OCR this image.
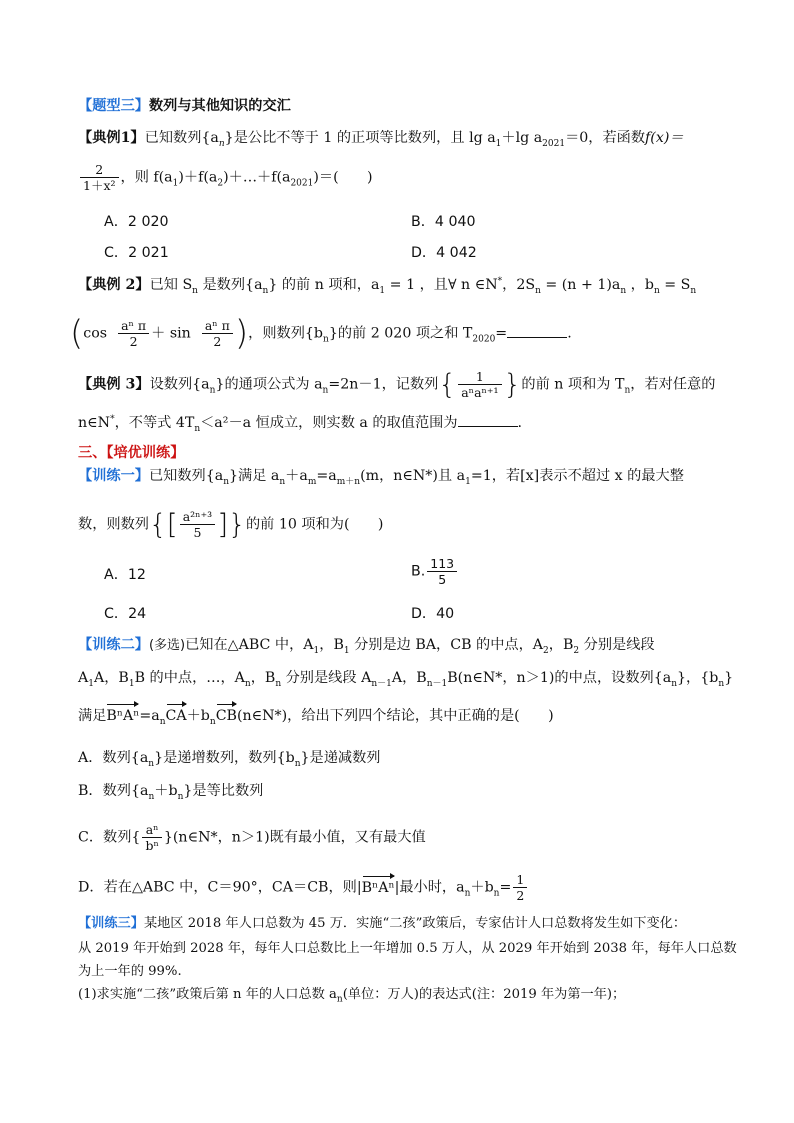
【题型三】数列与其他知识的交汇
【典例1】已知数列$\{a_n\}$是公比不等于 1 的正项等比数列，且 $\lg a_1+\lg$ $a_{2021}=0$，若函数f(x)＝
$\frac{2}{\text{1＋x²}}$ ，则 $f(a_1)+f(a_2)+\dots+f(a_{2021})=$(　　)
A．2 020	B．4 040
C．2 021	D．4 042
【典例 2】已知 $S_n$ 是数列$\{a_n\}$ 的前 n 项和，$a_1 = 1$ ，且∀ n ∈N*，$2S_n = (n + 1)a_n$ ，$b_n = S_n$
($\cos \frac{\text{aⁿ π}}{2} + \sin \frac{\text{aⁿ π}}{2}$ )，则数列$\{b_n\}$的前 2 020 项之和 $T_{2020}=$	.
【典例 3】设数列$\{a_n\}$的通项公式为 $a_n=2n-1$，记数列{ $\frac{1}{\text{aⁿaⁿ⁺¹}}$ }的前 n 项和为 $T_n$，若对任意的
n∈N*，不等式 $4T_n<a^2-a$ 恒成立，则实数 a 的取值范围为	.
三、【培优训练】
【训练一】已知数列$\{a_n\}$满足 $a_n+a_m=a_{m+n}(m$，n∈N*)且 $a_1=1$，若[x]表示不超过 x 的最大整
数，则数列{[ $\frac{\text{a²ⁿ⁺³}}{5}$ ]}的前 10 项和为(　　)
A．12	B. $\frac{113}{5}$
C．24	D．40
【训练二】(多选)已知在△ABC 中，$A_1$，$B_1$ 分别是边 BA，CB 的中点，$A_2$，$B_2$ 分别是线段
$A_1A$，$B_1B$ 的中点，…，$A_n$，$B_n$ 分别是线段 $A_{n-1}A$，$B_{n-1}B(n\in N*$，n＞1)的中点，设数列$\{a_n\}$，$\{b_n\}$
满足$B^nA^n=a_nCA+b_nCB(n\in N*)$，给出下列四个结论，其中正确的是(　　)
A．数列$\{a_n\}$是递增数列，数列$\{b_n\}$是递减数列
B．数列$\{a_n+b_n\}$是等比数列
C．数列{ $\frac{\text{aⁿ}}{\text{bⁿ}}$ }(n∈N*，n＞1)既有最小值，又有最大值
D．若在△ABC 中，C＝90°，CA＝CB，则|BⁿAⁿ|最小时，$a_n+b_n= \frac{1}{2}$
【训练三】某地区 2018 年人口总数为 45 万．实施“二孩”政策后，专家估计人口总数将发生如下变化：
从 2019 年开始到 2028 年，每年人口总数比上一年增加 0.5 万人，从 2029 年开始到 2038 年，每年人口总数
为上一年的 99%.
(1)求实施“二孩”政策后第 n 年的人口总数 $a_n$(单位：万人)的表达式(注：2019 年为第一年)；
